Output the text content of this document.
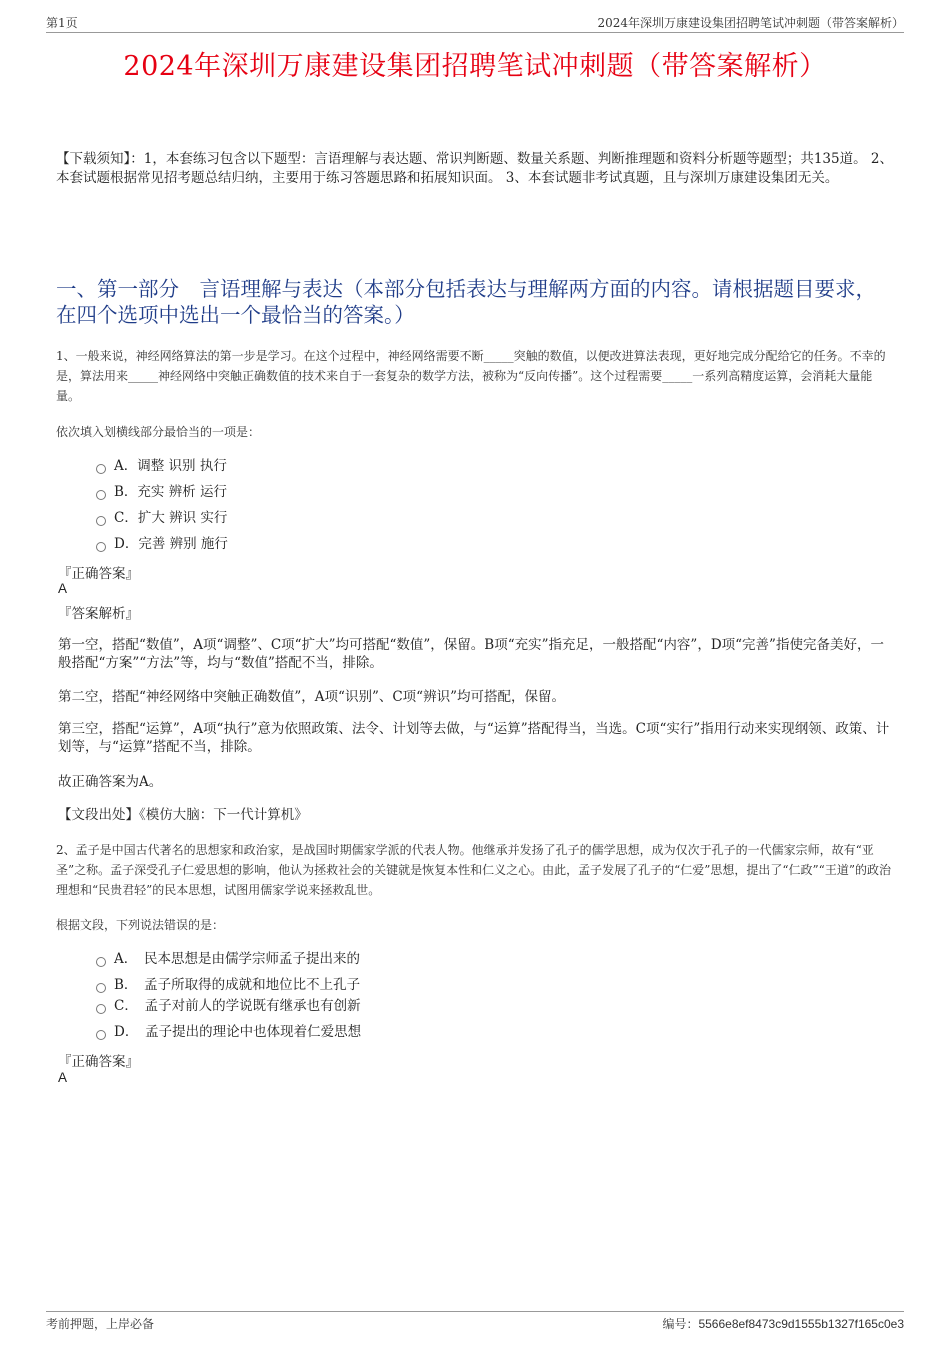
第1页	2024年深圳万康建设集团招聘笔试冲刺题（带答案解析）
2024年深圳万康建设集团招聘笔试冲刺题（带答案解析）
【下载须知】：1，本套练习包含以下题型：言语理解与表达题、常识判断题、数量关系题、判断推理题和资料分析题等题型；共135道。 2、本套试题根据常见招考题总结归纳，主要用于练习答题思路和拓展知识面。 3、本套试题非考试真题，且与深圳万康建设集团无关。
一、第一部分　言语理解与表达（本部分包括表达与理解两方面的内容。请根据题目要求，在四个选项中选出一个最恰当的答案。）
1、一般来说，神经网络算法的第一步是学习。在这个过程中，神经网络需要不断_____突触的数值，以便改进算法表现，更好地完成分配给它的任务。不幸的是，算法用来_____神经网络中突触正确数值的技术来自于一套复杂的数学方法，被称为“反向传播”。这个过程需要_____一系列高精度运算，会消耗大量能量。
依次填入划横线部分最恰当的一项是：
A．调整 识别 执行
B．充实 辨析 运行
C．扩大 辨识 实行
D．完善 辨别 施行
『正确答案』
A
『答案解析』
第一空，搭配“数值”，A项“调整”、C项“扩大”均可搭配“数值”，保留。B项“充实”指充足，一般搭配“内容”，D项“完善”指使完备美好，一般搭配“方案”“方法”等，均与“数值”搭配不当，排除。
第二空，搭配“神经网络中突触正确数值”，A项“识别”、C项“辨识”均可搭配，保留。
第三空，搭配“运算”，A项“执行”意为依照政策、法令、计划等去做，与“运算”搭配得当，当选。C项“实行”指用行动来实现纲领、政策、计划等，与“运算”搭配不当，排除。
故正确答案为A。
【文段出处】《模仿大脑：下一代计算机》
2、孟子是中国古代著名的思想家和政治家，是战国时期儒家学派的代表人物。他继承并发扬了孔子的儒学思想，成为仅次于孔子的一代儒家宗师，故有“亚圣”之称。孟子深受孔子仁爱思想的影响，他认为拯救社会的关键就是恢复本性和仁义之心。由此，孟子发展了孔子的“仁爱”思想，提出了“仁政”“王道”的政治理想和“民贵君轻”的民本思想，试图用儒家学说来拯救乱世。
根据文段，下列说法错误的是：
A．　民本思想是由儒学宗师孟子提出来的
B．　孟子所取得的成就和地位比不上孔子
C．　孟子对前人的学说既有继承也有创新
D．　孟子提出的理论中也体现着仁爱思想
『正确答案』
A
考前押题，上岸必备	编号：5566e8ef8473c9d1555b1327f165c0e3
